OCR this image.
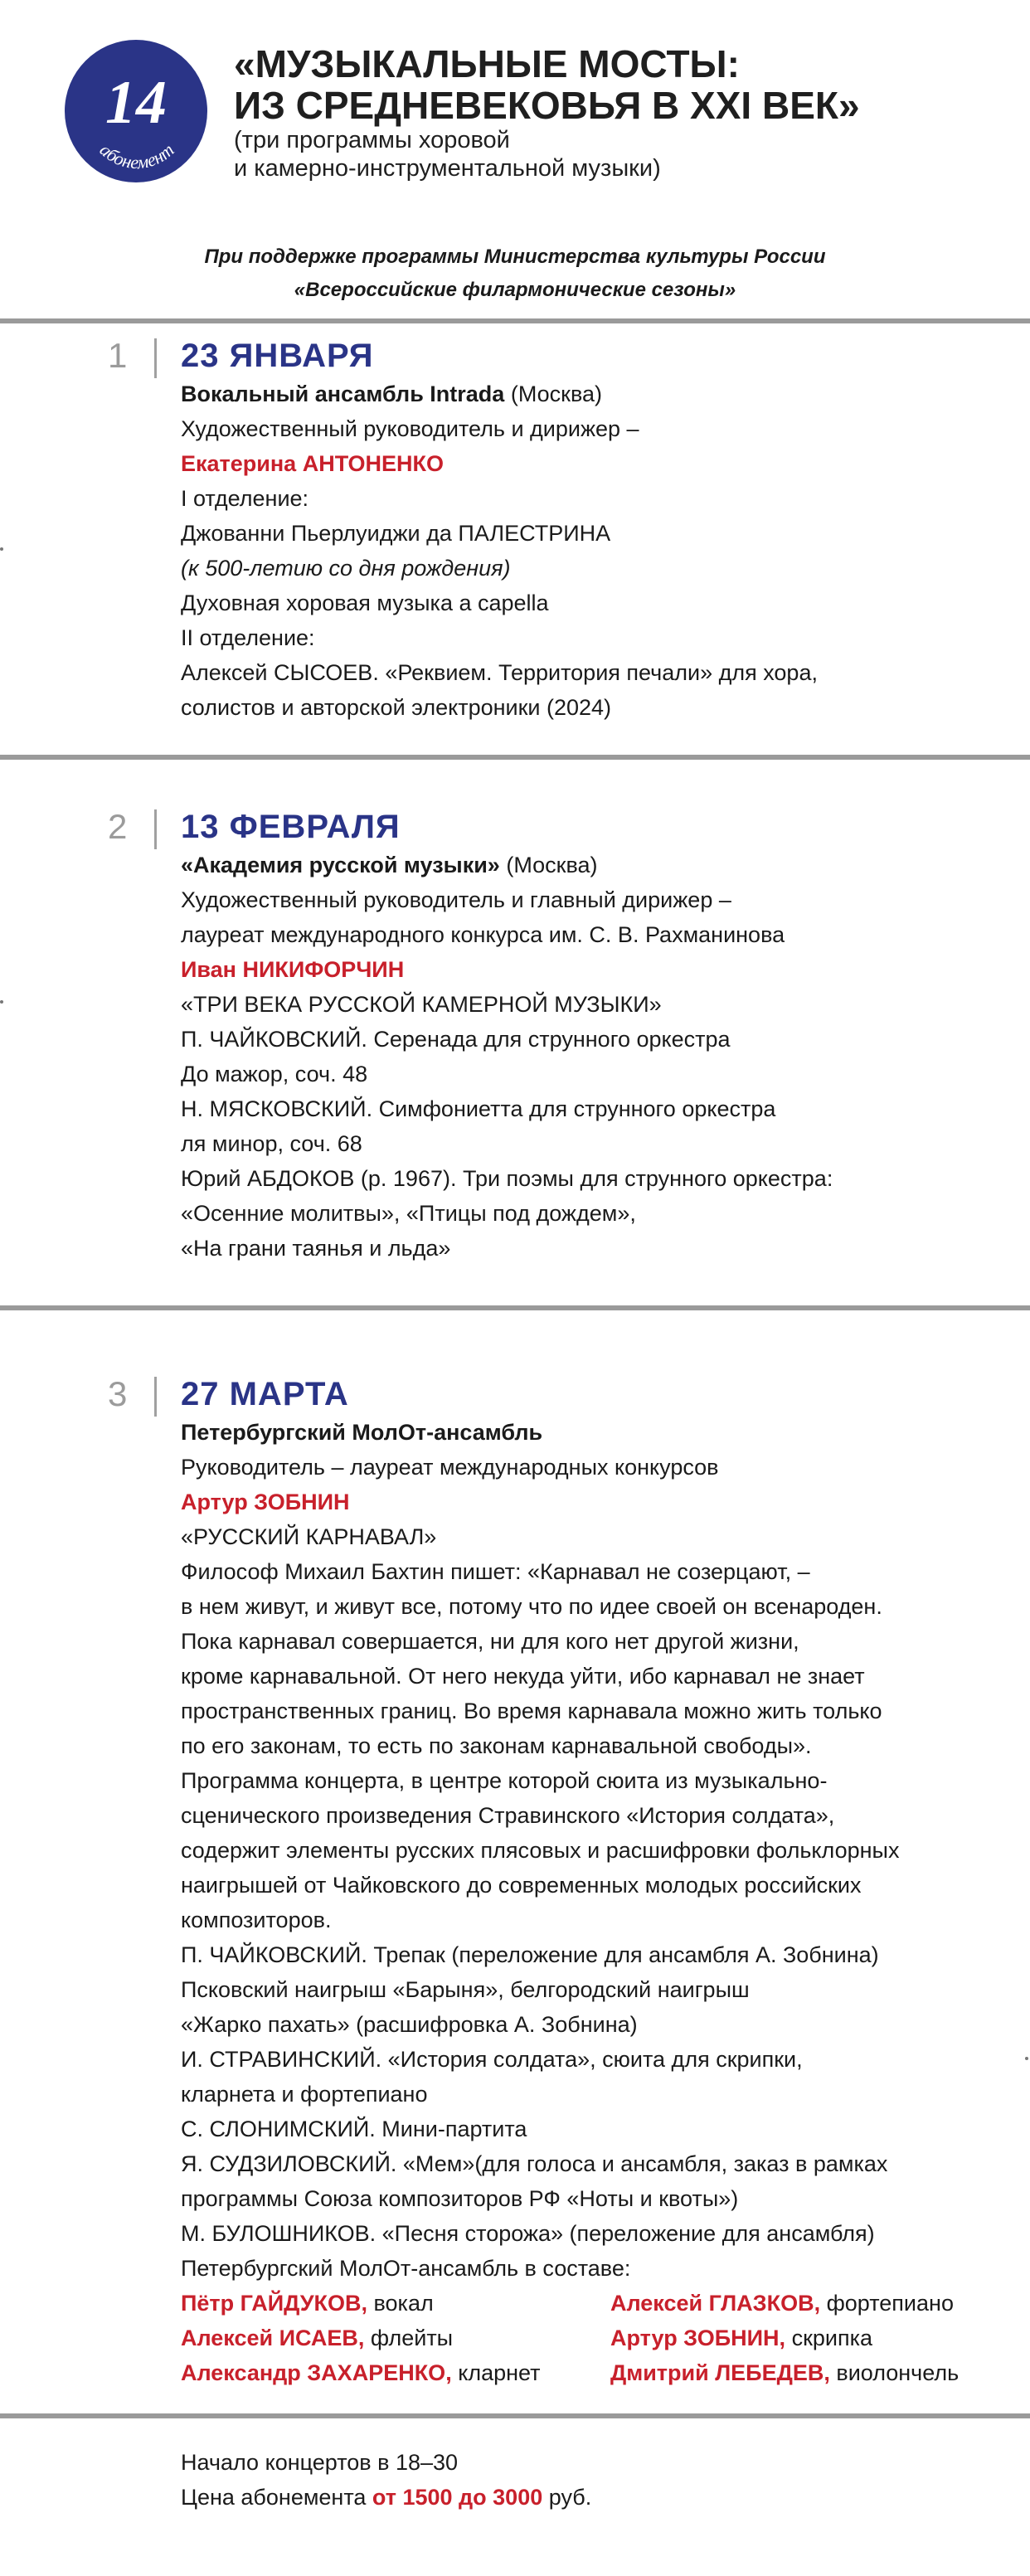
14
абонемент
«МУЗЫКАЛЬНЫЕ МОСТЫ:
ИЗ СРЕДНЕВЕКОВЬЯ В XXI ВЕК»
(три программы хоровой
и камерно-инструментальной музыки)
При поддержке программы Министерства культуры России
«Всероссийские филармонические сезоны»
1 23 ЯНВАРЯ
Вокальный ансамбль Intrada (Москва)
Художественный руководитель и дирижер –
Екатерина АНТОНЕНКО
I отделение:
Джованни Пьерлуиджи да ПАЛЕСТРИНА
(к 500-летию со дня рождения)
Духовная хоровая музыка a capella
II отделение:
Алексей СЫСОЕВ. «Реквием. Территория печали» для хора,
солистов и авторской электроники (2024)
2 13 ФЕВРАЛЯ
«Академия русской музыки» (Москва)
Художественный руководитель и главный дирижер –
лауреат международного конкурса им. С. В. Рахманинова
Иван НИКИФОРЧИН
«ТРИ ВЕКА РУССКОЙ КАМЕРНОЙ МУЗЫКИ»
П. ЧАЙКОВСКИЙ. Серенада для струнного оркестра
До мажор, соч. 48
Н. МЯСКОВСКИЙ. Симфониетта для струнного оркестра
ля минор, соч. 68
Юрий АБДОКОВ (р. 1967). Три поэмы для струнного оркестра:
«Осенние молитвы», «Птицы под дождем»,
«На грани таянья и льда»
3 27 МАРТА
Петербургский МолОт-ансамбль
Руководитель – лауреат международных конкурсов
Артур ЗОБНИН
«РУССКИЙ КАРНАВАЛ»
Философ Михаил Бахтин пишет: «Карнавал не созерцают, –
в нем живут, и живут все, потому что по идее своей он всенароден.
Пока карнавал совершается, ни для кого нет другой жизни,
кроме карнавальной. От него некуда уйти, ибо карнавал не знает
пространственных границ. Во время карнавала можно жить только
по его законам, то есть по законам карнавальной свободы».
Программа концерта, в центре которой сюита из музыкально-
сценического произведения Стравинского «История солдата»,
содержит элементы русских плясовых и расшифровки фольклорных
наигрышей от Чайковского до современных молодых российских
композиторов.
П. ЧАЙКОВСКИЙ. Трепак (переложение для ансамбля А. Зобнина)
Псковский наигрыш «Барыня», белгородский наигрыш
«Жарко пахать» (расшифровка А. Зобнина)
И. СТРАВИНСКИЙ. «История солдата», сюита для скрипки,
кларнета и фортепиано
С. СЛОНИМСКИЙ. Мини-партита
Я. СУДЗИЛОВСКИЙ. «Мем»(для голоса и ансамбля, заказ в рамках
программы Союза композиторов РФ «Ноты и квоты»)
М. БУЛОШНИКОВ. «Песня сторожа» (переложение для ансамбля)
Петербургский МолОт-ансамбль в составе:
Пётр ГАЙДУКОВ, вокал	Алексей ГЛАЗКОВ, фортепиано
Алексей ИСАЕВ, флейты	Артур ЗОБНИН, скрипка
Александр ЗАХАРЕНКО, кларнет	Дмитрий ЛЕБЕДЕВ, виолончель
Начало концертов в 18–30
Цена абонемента от 1500 до 3000 руб.
